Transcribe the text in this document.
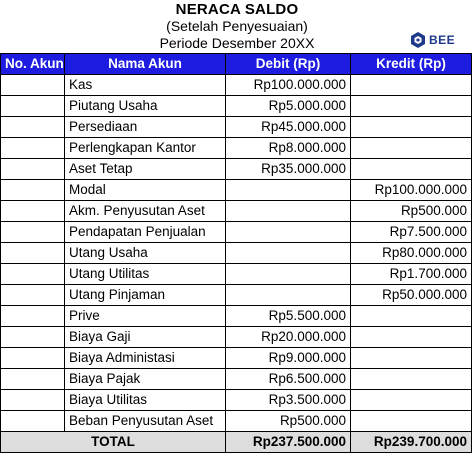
NERACA SALDO
(Setelah Penyesuaian)
Periode Desember 20XX	BEE
No. Akun	Nama Akun	Debit (Rp)	Kredit (Rp)
	Kas	Rp100.000.000	
	Piutang Usaha	Rp5.000.000	
	Persediaan	Rp45.000.000	
	Perlengkapan Kantor	Rp8.000.000	
	Aset Tetap	Rp35.000.000	
	Modal		Rp100.000.000
	Akm. Penyusutan Aset		Rp500.000
	Pendapatan Penjualan		Rp7.500.000
	Utang Usaha		Rp80.000.000
	Utang Utilitas		Rp1.700.000
	Utang Pinjaman		Rp50.000.000
	Prive	Rp5.500.000	
	Biaya Gaji	Rp20.000.000	
	Biaya Administasi	Rp9.000.000	
	Biaya Pajak	Rp6.500.000	
	Biaya Utilitas	Rp3.500.000	
	Beban Penyusutan Aset	Rp500.000	
TOTAL		Rp237.500.000	Rp239.700.000
